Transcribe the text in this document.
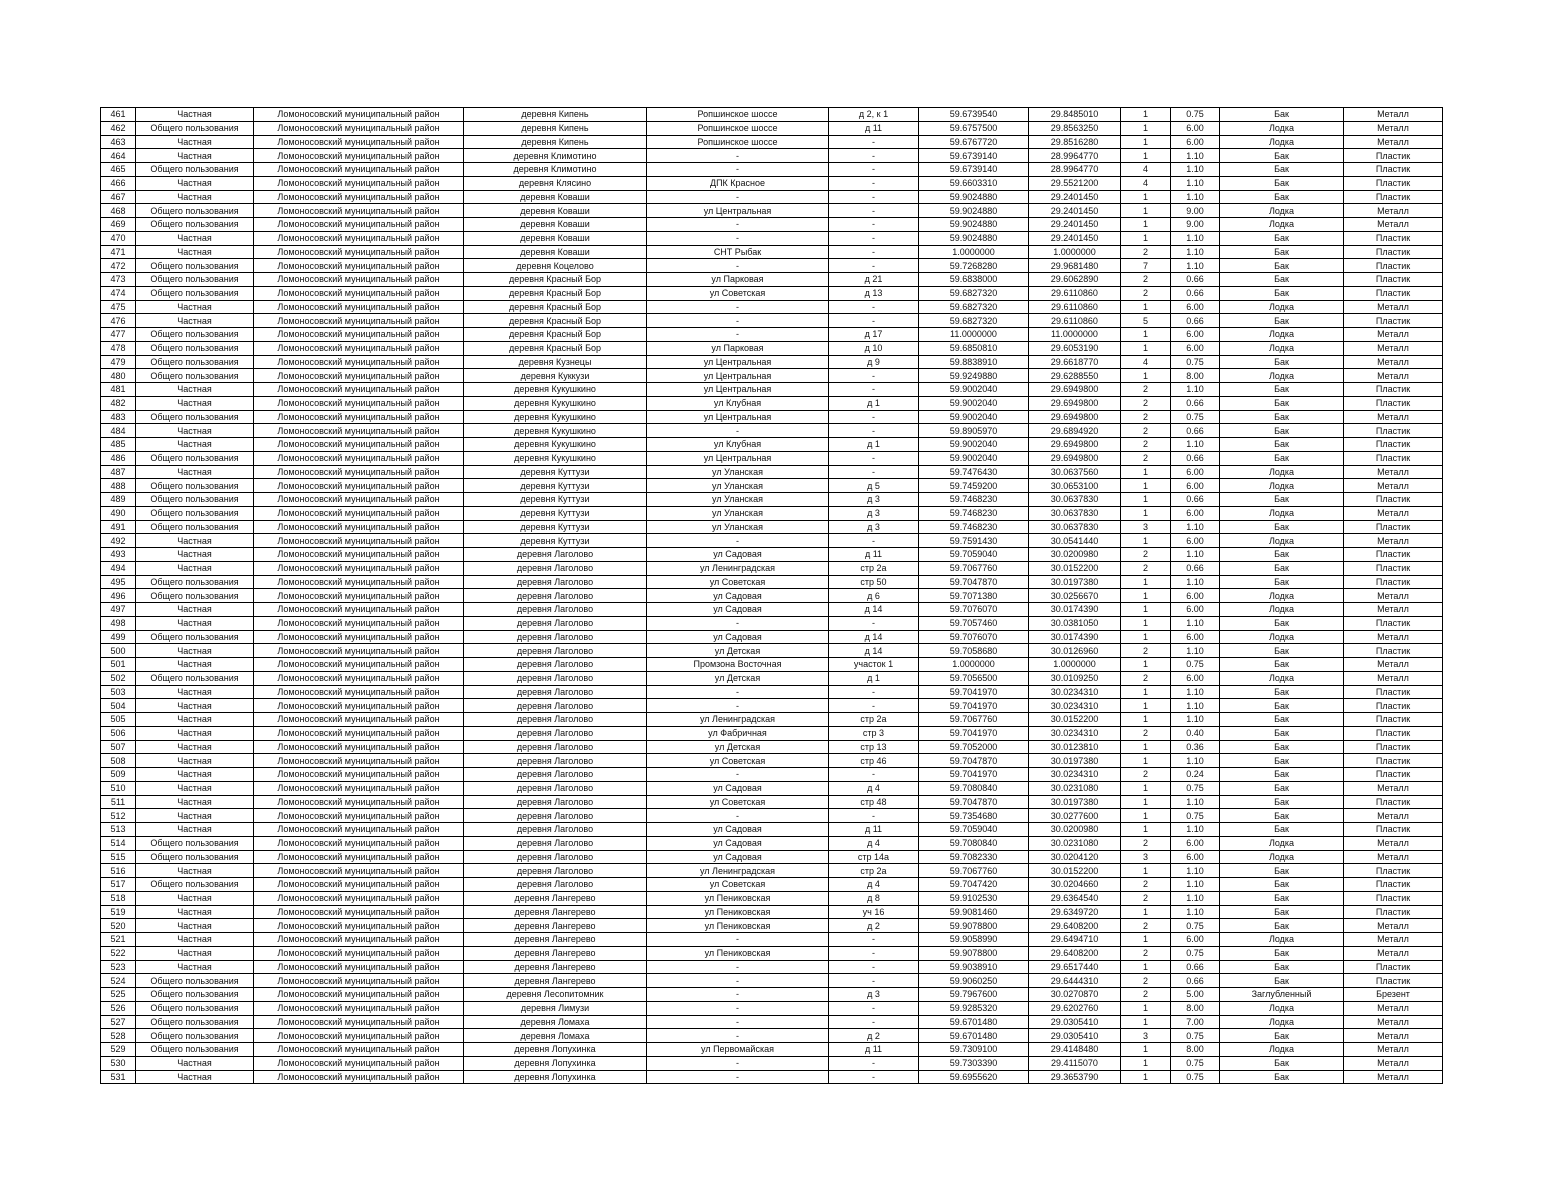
461	Частная	Ломоносовский муниципальный район	деревня Кипень	Ропшинское шоссе	д 2, к 1	59.6739540	29.8485010	1	0.75	Бак	Металл
462	Общего пользования	Ломоносовский муниципальный район	деревня Кипень	Ропшинское шоссе	д 11	59.6757500	29.8563250	1	6.00	Лодка	Металл
463	Частная	Ломоносовский муниципальный район	деревня Кипень	Ропшинское шоссе	-	59.6767720	29.8516280	1	6.00	Лодка	Металл
464	Частная	Ломоносовский муниципальный район	деревня Климотино	-	-	59.6739140	28.9964770	1	1.10	Бак	Пластик
465	Общего пользования	Ломоносовский муниципальный район	деревня Климотино	-	-	59.6739140	28.9964770	4	1.10	Бак	Пластик
466	Частная	Ломоносовский муниципальный район	деревня Клясино	ДПК Красное	-	59.6603310	29.5521200	4	1.10	Бак	Пластик
467	Частная	Ломоносовский муниципальный район	деревня Коваши	-	-	59.9024880	29.2401450	1	1.10	Бак	Пластик
468	Общего пользования	Ломоносовский муниципальный район	деревня Коваши	ул Центральная	-	59.9024880	29.2401450	1	9.00	Лодка	Металл
469	Общего пользования	Ломоносовский муниципальный район	деревня Коваши	-	-	59.9024880	29.2401450	1	9.00	Лодка	Металл
470	Частная	Ломоносовский муниципальный район	деревня Коваши	-	-	59.9024880	29.2401450	1	1.10	Бак	Пластик
471	Частная	Ломоносовский муниципальный район	деревня Коваши	СНТ Рыбак	-	1.0000000	1.0000000	2	1.10	Бак	Пластик
472	Общего пользования	Ломоносовский муниципальный район	деревня Коцелово	-	-	59.7268280	29.9681480	7	1.10	Бак	Пластик
473	Общего пользования	Ломоносовский муниципальный район	деревня Красный Бор	ул Парковая	д 21	59.6838000	29.6062890	2	0.66	Бак	Пластик
474	Общего пользования	Ломоносовский муниципальный район	деревня Красный Бор	ул Советская	д 13	59.6827320	29.6110860	2	0.66	Бак	Пластик
475	Частная	Ломоносовский муниципальный район	деревня Красный Бор	-	-	59.6827320	29.6110860	1	6.00	Лодка	Металл
476	Частная	Ломоносовский муниципальный район	деревня Красный Бор	-	-	59.6827320	29.6110860	5	0.66	Бак	Пластик
477	Общего пользования	Ломоносовский муниципальный район	деревня Красный Бор	-	д 17	11.0000000	11.0000000	1	6.00	Лодка	Металл
478	Общего пользования	Ломоносовский муниципальный район	деревня Красный Бор	ул Парковая	д 10	59.6850810	29.6053190	1	6.00	Лодка	Металл
479	Общего пользования	Ломоносовский муниципальный район	деревня Кузнецы	ул Центральная	д 9	59.8838910	29.6618770	4	0.75	Бак	Металл
480	Общего пользования	Ломоносовский муниципальный район	деревня Куккузи	ул Центральная	-	59.9249880	29.6288550	1	8.00	Лодка	Металл
481	Частная	Ломоносовский муниципальный район	деревня Кукушкино	ул Центральная	-	59.9002040	29.6949800	2	1.10	Бак	Пластик
482	Частная	Ломоносовский муниципальный район	деревня Кукушкино	ул Клубная	д 1	59.9002040	29.6949800	2	0.66	Бак	Пластик
483	Общего пользования	Ломоносовский муниципальный район	деревня Кукушкино	ул Центральная	-	59.9002040	29.6949800	2	0.75	Бак	Металл
484	Частная	Ломоносовский муниципальный район	деревня Кукушкино	-	-	59.8905970	29.6894920	2	0.66	Бак	Пластик
485	Частная	Ломоносовский муниципальный район	деревня Кукушкино	ул Клубная	д 1	59.9002040	29.6949800	2	1.10	Бак	Пластик
486	Общего пользования	Ломоносовский муниципальный район	деревня Кукушкино	ул Центральная	-	59.9002040	29.6949800	2	0.66	Бак	Пластик
487	Частная	Ломоносовский муниципальный район	деревня Куттузи	ул Уланская	-	59.7476430	30.0637560	1	6.00	Лодка	Металл
488	Общего пользования	Ломоносовский муниципальный район	деревня Куттузи	ул Уланская	д 5	59.7459200	30.0653100	1	6.00	Лодка	Металл
489	Общего пользования	Ломоносовский муниципальный район	деревня Куттузи	ул Уланская	д 3	59.7468230	30.0637830	1	0.66	Бак	Пластик
490	Общего пользования	Ломоносовский муниципальный район	деревня Куттузи	ул Уланская	д 3	59.7468230	30.0637830	1	6.00	Лодка	Металл
491	Общего пользования	Ломоносовский муниципальный район	деревня Куттузи	ул Уланская	д 3	59.7468230	30.0637830	3	1.10	Бак	Пластик
492	Частная	Ломоносовский муниципальный район	деревня Куттузи	-	-	59.7591430	30.0541440	1	6.00	Лодка	Металл
493	Частная	Ломоносовский муниципальный район	деревня Лаголово	ул Садовая	д 11	59.7059040	30.0200980	2	1.10	Бак	Пластик
494	Частная	Ломоносовский муниципальный район	деревня Лаголово	ул Ленинградская	стр 2а	59.7067760	30.0152200	2	0.66	Бак	Пластик
495	Общего пользования	Ломоносовский муниципальный район	деревня Лаголово	ул Советская	стр 50	59.7047870	30.0197380	1	1.10	Бак	Пластик
496	Общего пользования	Ломоносовский муниципальный район	деревня Лаголово	ул Садовая	д 6	59.7071380	30.0256670	1	6.00	Лодка	Металл
497	Частная	Ломоносовский муниципальный район	деревня Лаголово	ул Садовая	д 14	59.7076070	30.0174390	1	6.00	Лодка	Металл
498	Частная	Ломоносовский муниципальный район	деревня Лаголово	-	-	59.7057460	30.0381050	1	1.10	Бак	Пластик
499	Общего пользования	Ломоносовский муниципальный район	деревня Лаголово	ул Садовая	д 14	59.7076070	30.0174390	1	6.00	Лодка	Металл
500	Частная	Ломоносовский муниципальный район	деревня Лаголово	ул Детская	д 14	59.7058680	30.0126960	2	1.10	Бак	Пластик
501	Частная	Ломоносовский муниципальный район	деревня Лаголово	Промзона Восточная	участок 1	1.0000000	1.0000000	1	0.75	Бак	Металл
502	Общего пользования	Ломоносовский муниципальный район	деревня Лаголово	ул Детская	д 1	59.7056500	30.0109250	2	6.00	Лодка	Металл
503	Частная	Ломоносовский муниципальный район	деревня Лаголово	-	-	59.7041970	30.0234310	1	1.10	Бак	Пластик
504	Частная	Ломоносовский муниципальный район	деревня Лаголово	-	-	59.7041970	30.0234310	1	1.10	Бак	Пластик
505	Частная	Ломоносовский муниципальный район	деревня Лаголово	ул Ленинградская	стр 2а	59.7067760	30.0152200	1	1.10	Бак	Пластик
506	Частная	Ломоносовский муниципальный район	деревня Лаголово	ул Фабричная	стр 3	59.7041970	30.0234310	2	0.40	Бак	Пластик
507	Частная	Ломоносовский муниципальный район	деревня Лаголово	ул Детская	стр 13	59.7052000	30.0123810	1	0.36	Бак	Пластик
508	Частная	Ломоносовский муниципальный район	деревня Лаголово	ул Советская	стр 46	59.7047870	30.0197380	1	1.10	Бак	Пластик
509	Частная	Ломоносовский муниципальный район	деревня Лаголово	-	-	59.7041970	30.0234310	2	0.24	Бак	Пластик
510	Частная	Ломоносовский муниципальный район	деревня Лаголово	ул Садовая	д 4	59.7080840	30.0231080	1	0.75	Бак	Металл
511	Частная	Ломоносовский муниципальный район	деревня Лаголово	ул Советская	стр 48	59.7047870	30.0197380	1	1.10	Бак	Пластик
512	Частная	Ломоносовский муниципальный район	деревня Лаголово	-	-	59.7354680	30.0277600	1	0.75	Бак	Металл
513	Частная	Ломоносовский муниципальный район	деревня Лаголово	ул Садовая	д 11	59.7059040	30.0200980	1	1.10	Бак	Пластик
514	Общего пользования	Ломоносовский муниципальный район	деревня Лаголово	ул Садовая	д 4	59.7080840	30.0231080	2	6.00	Лодка	Металл
515	Общего пользования	Ломоносовский муниципальный район	деревня Лаголово	ул Садовая	стр 14а	59.7082330	30.0204120	3	6.00	Лодка	Металл
516	Частная	Ломоносовский муниципальный район	деревня Лаголово	ул Ленинградская	стр 2а	59.7067760	30.0152200	1	1.10	Бак	Пластик
517	Общего пользования	Ломоносовский муниципальный район	деревня Лаголово	ул Советская	д 4	59.7047420	30.0204660	2	1.10	Бак	Пластик
518	Частная	Ломоносовский муниципальный район	деревня Лангерево	ул Пениковская	д 8	59.9102530	29.6364540	2	1.10	Бак	Пластик
519	Частная	Ломоносовский муниципальный район	деревня Лангерево	ул Пениковская	уч 16	59.9081460	29.6349720	1	1.10	Бак	Пластик
520	Частная	Ломоносовский муниципальный район	деревня Лангерево	ул Пениковская	д 2	59.9078800	29.6408200	2	0.75	Бак	Металл
521	Частная	Ломоносовский муниципальный район	деревня Лангерево	-	-	59.9058990	29.6494710	1	6.00	Лодка	Металл
522	Частная	Ломоносовский муниципальный район	деревня Лангерево	ул Пениковская	-	59.9078800	29.6408200	2	0.75	Бак	Металл
523	Частная	Ломоносовский муниципальный район	деревня Лангерево	-	-	59.9038910	29.6517440	1	0.66	Бак	Пластик
524	Общего пользования	Ломоносовский муниципальный район	деревня Лангерево	-	-	59.9060250	29.6444310	2	0.66	Бак	Пластик
525	Общего пользования	Ломоносовский муниципальный район	деревня Лесопитомник	-	д 3	59.7967600	30.0270870	2	5.00	Заглубленный	Брезент
526	Общего пользования	Ломоносовский муниципальный район	деревня Лимузи	-	-	59.9285320	29.6202760	1	8.00	Лодка	Металл
527	Общего пользования	Ломоносовский муниципальный район	деревня Ломаха	-	-	59.6701480	29.0305410	1	7.00	Лодка	Металл
528	Общего пользования	Ломоносовский муниципальный район	деревня Ломаха	-	д 2	59.6701480	29.0305410	3	0.75	Бак	Металл
529	Общего пользования	Ломоносовский муниципальный район	деревня Лопухинка	ул Первомайская	д 11	59.7309100	29.4148480	1	8.00	Лодка	Металл
530	Частная	Ломоносовский муниципальный район	деревня Лопухинка	-	-	59.7303390	29.4115070	1	0.75	Бак	Металл
531	Частная	Ломоносовский муниципальный район	деревня Лопухинка	-	-	59.6955620	29.3653790	1	0.75	Бак	Металл
